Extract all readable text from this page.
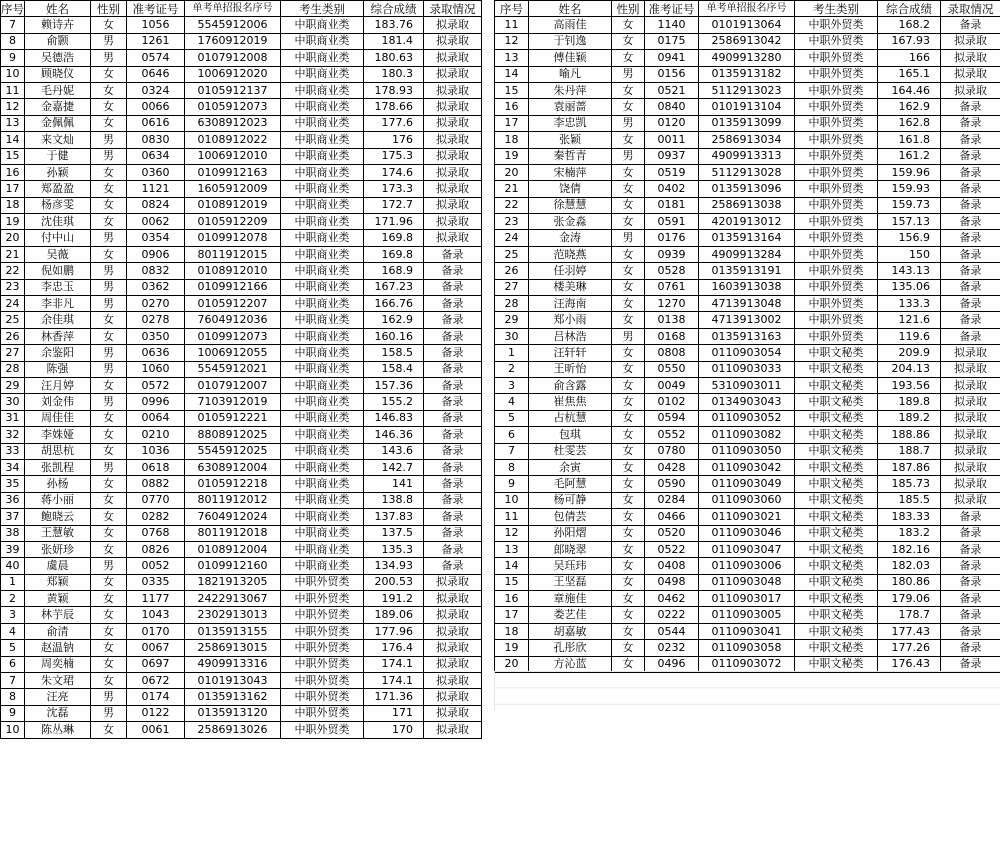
序号	姓名	性别	准考证号	单考单招报名序号	考生类别	综合成绩	录取情况
7	赖诗卉	女	1056	5545912006	中职商业类	183.76	拟录取
8	俞颢	男	1261	1760912019	中职商业类	181.4	拟录取
9	吴德浩	男	0574	0107912008	中职商业类	180.63	拟录取
10	顾晓仪	女	0646	1006912020	中职商业类	180.3	拟录取
11	毛丹妮	女	0324	0105912137	中职商业类	178.93	拟录取
12	金嘉捷	女	0066	0105912073	中职商业类	178.66	拟录取
13	金佩佩	女	0616	6308912023	中职商业类	177.6	拟录取
14	来文灿	男	0830	0108912022	中职商业类	176	拟录取
15	于健	男	0634	1006912010	中职商业类	175.3	拟录取
16	孙颖	女	0360	0109912163	中职商业类	174.6	拟录取
17	郑盈盈	女	1121	1605912009	中职商业类	173.3	拟录取
18	杨彦雯	女	0824	0108912019	中职商业类	172.7	拟录取
19	沈佳琪	女	0062	0105912209	中职商业类	171.96	拟录取
20	付中山	男	0354	0109912078	中职商业类	169.8	拟录取
21	吴薇	女	0906	8011912015	中职商业类	169.8	备录
22	倪如鹏	男	0832	0108912010	中职商业类	168.9	备录
23	李忠玉	男	0362	0109912166	中职商业类	167.23	备录
24	李非凡	男	0270	0105912207	中职商业类	166.76	备录
25	余佳琪	女	0278	7604912036	中职商业类	162.9	备录
26	林香萍	女	0350	0109912073	中职商业类	160.16	备录
27	余鉴阳	男	0636	1006912055	中职商业类	158.5	备录
28	陈强	男	1060	5545912021	中职商业类	158.4	备录
29	汪月婷	女	0572	0107912007	中职商业类	157.36	备录
30	刘金伟	男	0996	7103912019	中职商业类	155.2	备录
31	周佳佳	女	0064	0105912221	中职商业类	146.83	备录
32	李姝娅	女	0210	8808912025	中职商业类	146.36	备录
33	胡思杭	女	1036	5545912025	中职商业类	143.6	备录
34	张凯程	男	0618	6308912004	中职商业类	142.7	备录
35	孙杨	女	0882	0105912218	中职商业类	141	备录
36	蒋小丽	女	0770	8011912012	中职商业类	138.8	备录
37	鲍晓云	女	0282	7604912024	中职商业类	137.83	备录
38	王慧敏	女	0768	8011912018	中职商业类	137.5	备录
39	张妍珍	女	0826	0108912004	中职商业类	135.3	备录
40	虞晨	男	0052	0109912160	中职商业类	134.93	备录
1	郑颖	女	0335	1821913205	中职外贸类	200.53	拟录取
2	黄颖	女	1177	2422913067	中职外贸类	191.2	拟录取
3	林芋辰	女	1043	2302913013	中职外贸类	189.06	拟录取
4	俞清	女	0170	0135913155	中职外贸类	177.96	拟录取
5	赵温钠	女	0067	2586913015	中职外贸类	176.4	拟录取
6	周奕楠	女	0697	4909913316	中职外贸类	174.1	拟录取
7	朱文珺	女	0672	0101913043	中职外贸类	174.1	拟录取
8	汪亮	男	0174	0135913162	中职外贸类	171.36	拟录取
9	沈磊	男	0122	0135913120	中职外贸类	171	拟录取
10	陈丛琳	女	0061	2586913026	中职外贸类	170	拟录取
序号	姓名	性别	准考证号	单考单招报名序号	考生类别	综合成绩	录取情况
11	高雨佳	女	1140	0101913064	中职外贸类	168.2	备录
12	于钊逸	女	0175	2586913042	中职外贸类	167.93	拟录取
13	傅佳颖	女	0941	4909913280	中职外贸类	166	拟录取
14	喻凡	男	0156	0135913182	中职外贸类	165.1	拟录取
15	朱丹萍	女	0521	5112913023	中职外贸类	164.46	拟录取
16	袁丽蔷	女	0840	0101913104	中职外贸类	162.9	备录
17	李忠凯	男	0120	0135913099	中职外贸类	162.8	备录
18	张颖	女	0011	2586913034	中职外贸类	161.8	备录
19	秦哲青	男	0937	4909913313	中职外贸类	161.2	备录
20	宋楠萍	女	0519	5112913028	中职外贸类	159.96	备录
21	饶倩	女	0402	0135913096	中职外贸类	159.93	备录
22	徐慧慧	女	0181	2586913038	中职外贸类	159.73	备录
23	张金淼	女	0591	4201913012	中职外贸类	157.13	备录
24	金涛	男	0176	0135913164	中职外贸类	156.9	备录
25	范晓燕	女	0939	4909913284	中职外贸类	150	备录
26	任羽婷	女	0528	0135913191	中职外贸类	143.13	备录
27	楼美琳	女	0761	1603913038	中职外贸类	135.06	备录
28	汪海南	女	1270	4713913048	中职外贸类	133.3	备录
29	郑小雨	女	0138	4713913002	中职外贸类	121.6	备录
30	吕林浩	男	0168	0135913163	中职外贸类	119.6	备录
1	汪轩轩	女	0808	0110903054	中职文秘类	209.9	拟录取
2	王昕怡	女	0550	0110903033	中职文秘类	204.13	拟录取
3	俞含露	女	0049	5310903011	中职文秘类	193.56	拟录取
4	崔焦焦	女	0102	0134903043	中职文秘类	189.8	拟录取
5	占杭慧	女	0594	0110903052	中职文秘类	189.2	拟录取
6	包琪	女	0552	0110903082	中职文秘类	188.86	拟录取
7	杜雯芸	女	0780	0110903050	中职文秘类	188.7	拟录取
8	余寅	女	0428	0110903042	中职文秘类	187.86	拟录取
9	毛阿慧	女	0590	0110903049	中职文秘类	185.73	拟录取
10	杨可静	女	0284	0110903060	中职文秘类	185.5	拟录取
11	包倩芸	女	0466	0110903021	中职文秘类	183.33	备录
12	孙阳熠	女	0520	0110903046	中职文秘类	183.2	备录
13	郎晓翠	女	0522	0110903047	中职文秘类	182.16	备录
14	吴珏玮	女	0408	0110903006	中职文秘类	182.03	备录
15	王坚磊	女	0498	0110903048	中职文秘类	180.86	备录
16	章施佳	女	0462	0110903017	中职文秘类	179.06	备录
17	娄艺佳	女	0222	0110903005	中职文秘类	178.7	备录
18	胡嘉敏	女	0544	0110903041	中职文秘类	177.43	备录
19	孔彤欣	女	0232	0110903058	中职文秘类	177.26	备录
20	方沁蓝	女	0496	0110903072	中职文秘类	176.43	备录
